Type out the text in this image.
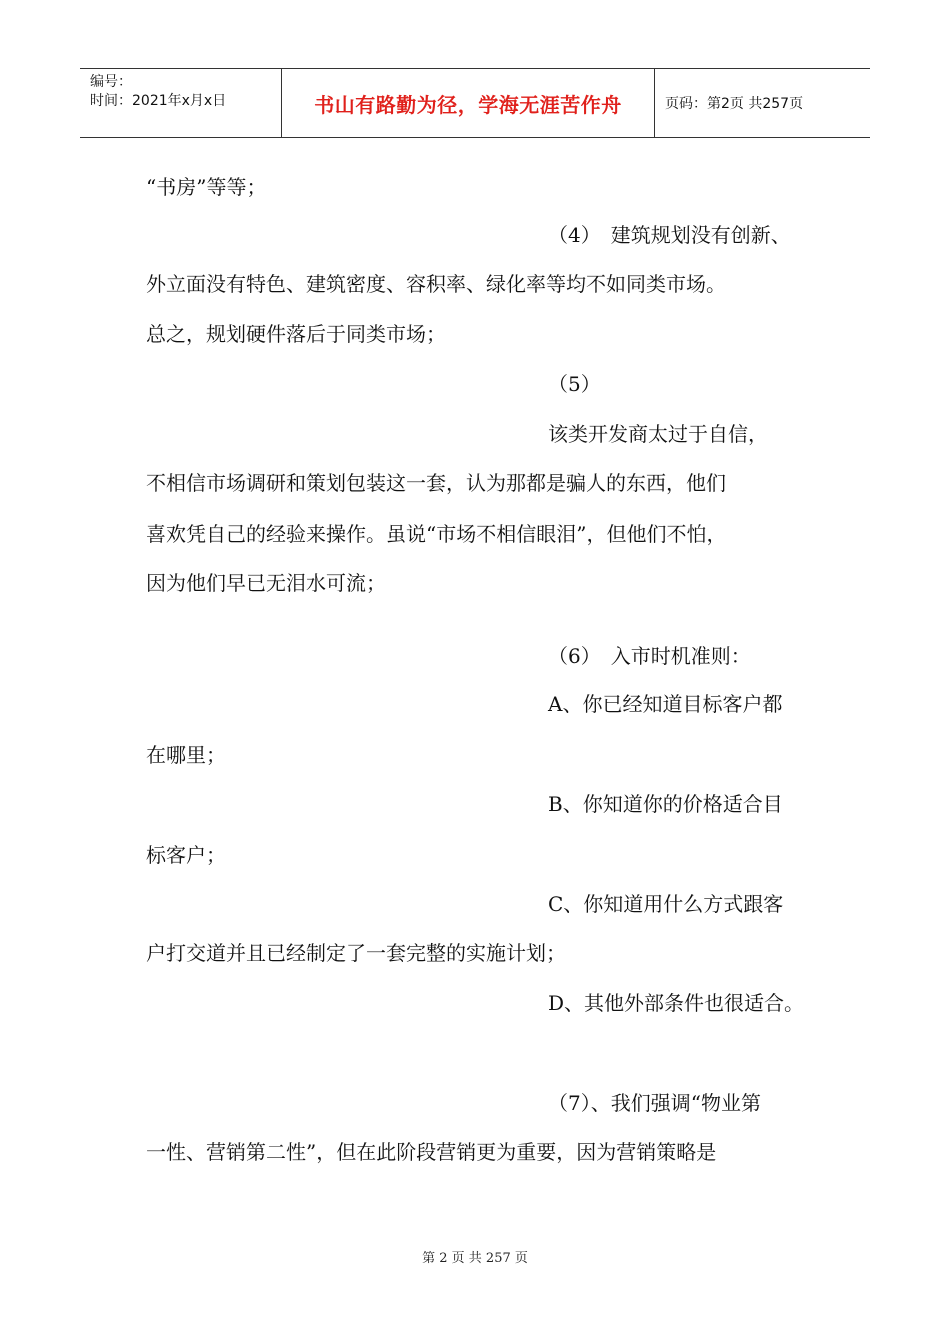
编号：
时间：2021年x月x日	书山有路勤为径，学海无涯苦作舟	页码：第2页 共257页
“书房”等等；
（4）　建筑规划没有创新、
外立面没有特色、建筑密度、容积率、绿化率等均不如同类市场。
总之，规划硬件落后于同类市场；
（5）
该类开发商太过于自信，
不相信市场调研和策划包装这一套，认为那都是骗人的东西，他们
喜欢凭自己的经验来操作。虽说“市场不相信眼泪”，但他们不怕，
因为他们早已无泪水可流；
（6）　入市时机准则：
A、你已经知道目标客户都
在哪里；
B、你知道你的价格适合目
标客户；
C、你知道用什么方式跟客
户打交道并且已经制定了一套完整的实施计划；
D、其他外部条件也很适合。
（7）、我们强调“物业第
一性、营销第二性”，但在此阶段营销更为重要，因为营销策略是
第 2 页 共 257 页
